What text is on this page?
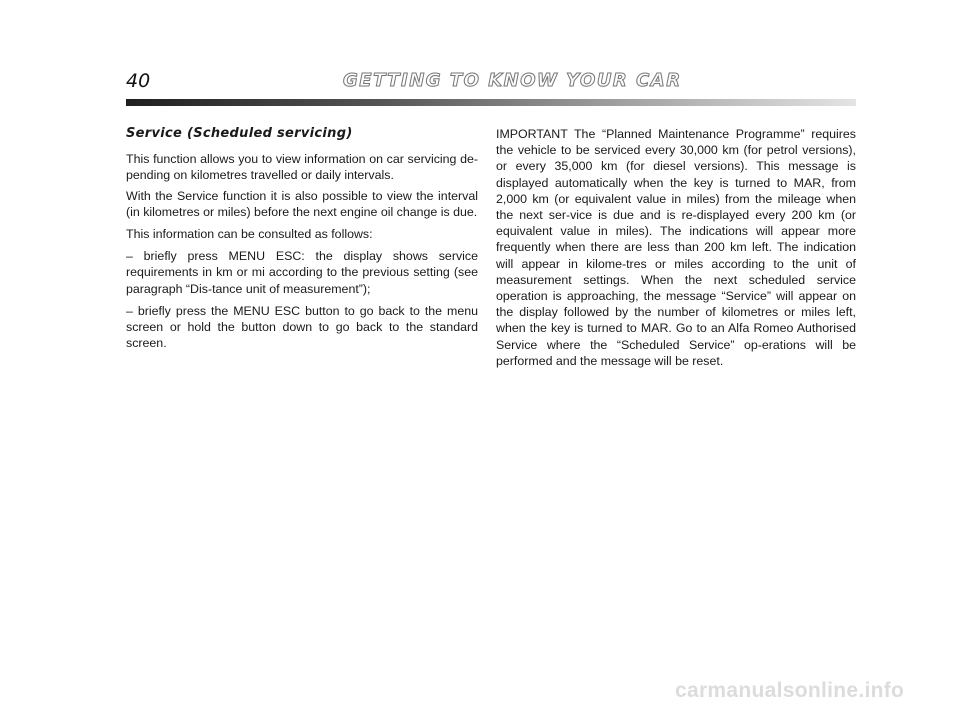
40	GETTING TO KNOW YOUR CAR
Service (Scheduled servicing)

This function allows you to view information on car servicing de-pending on kilometres travelled or daily intervals.

With the Service function it is also possible to view the interval (in kilometres or miles) before the next engine oil change is due.

This information can be consulted as follows:

– briefly press MENU ESC: the display shows service requirements in km or mi according to the previous setting (see paragraph “Dis-tance unit of measurement”);

– briefly press the MENU ESC button to go back to the menu screen or hold the button down to go back to the standard screen.

IMPORTANT The “Planned Maintenance Programme” requires the vehicle to be serviced every 30,000 km (for petrol versions), or every 35,000 km (for diesel versions). This message is displayed automatically when the key is turned to MAR, from 2,000 km (or equivalent value in miles) from the mileage when the next ser-vice is due and is re-displayed every 200 km (or equivalent value in miles). The indications will appear more frequently when there are less than 200 km left. The indication will appear in kilome-tres or miles according to the unit of measurement settings. When the next scheduled service operation is approaching, the message “Service” will appear on the display followed by the number of kilometres or miles left, when the key is turned to MAR. Go to an Alfa Romeo Authorised Service where the “Scheduled Service” op-erations will be performed and the message will be reset.

carmanualsonline.info
